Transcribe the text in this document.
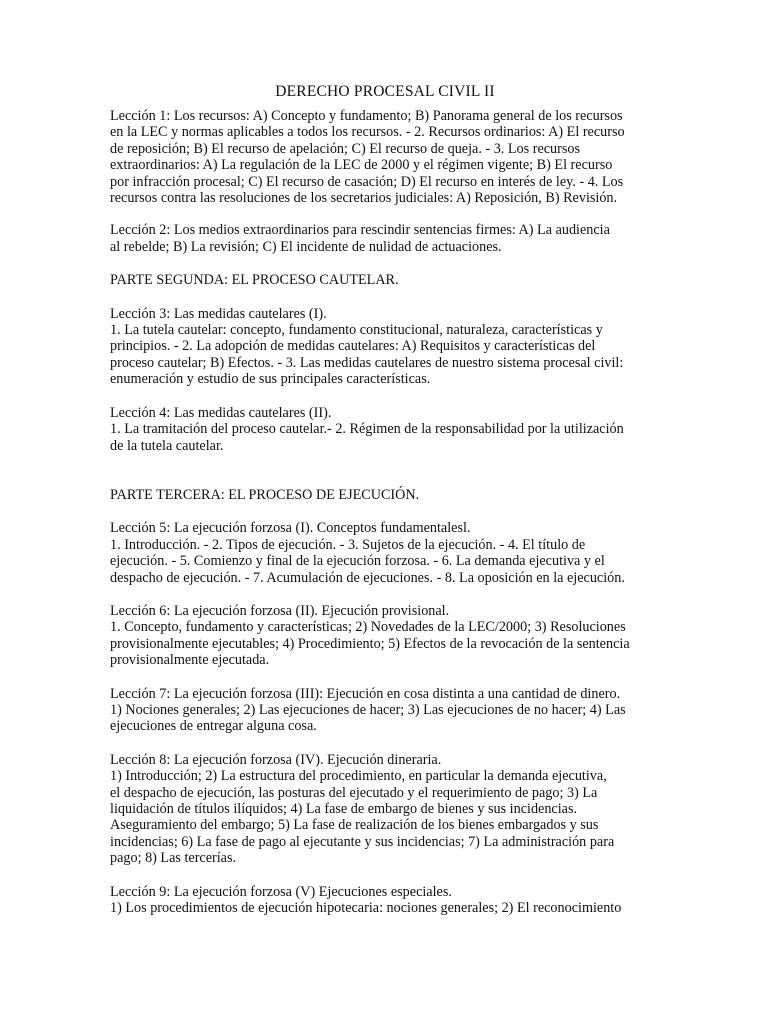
DERECHO PROCESAL CIVIL II
Lección 1: Los recursos: A) Concepto y fundamento; B) Panorama general de los recursos
en la LEC y normas aplicables a todos los recursos. - 2. Recursos ordinarios: A) El recurso
de reposición; B) El recurso de apelación; C) El recurso de queja. - 3. Los recursos
extraordinarios: A) La regulación de la LEC de 2000 y el régimen vigente; B) El recurso
por infracción procesal; C) El recurso de casación; D) El recurso en interés de ley. - 4. Los
recursos contra las resoluciones de los secretarios judiciales: A) Reposición, B) Revisión.
Lección 2: Los medios extraordinarios para rescindir sentencias firmes: A) La audiencia
al rebelde; B) La revisión; C) El incidente de nulidad de actuaciones.
PARTE SEGUNDA: EL PROCESO CAUTELAR.
Lección 3: Las medidas cautelares (I).
1. La tutela cautelar: concepto, fundamento constitucional, naturaleza, características y
principios. - 2. La adopción de medidas cautelares: A) Requisitos y características del
proceso cautelar; B) Efectos. - 3. Las medidas cautelares de nuestro sistema procesal civil:
enumeración y estudio de sus principales características.
Lección 4: Las medidas cautelares (II).
1. La tramitación del proceso cautelar.- 2. Régimen de la responsabilidad por la utilización
de la tutela cautelar.
PARTE TERCERA: EL PROCESO DE EJECUCIÓN.
Lección 5: La ejecución forzosa (I). Conceptos fundamentalesl.
1. Introducción. - 2. Tipos de ejecución. - 3. Sujetos de la ejecución. - 4. El título de
ejecución. - 5. Comienzo y final de la ejecución forzosa. - 6. La demanda ejecutiva y el
despacho de ejecución. - 7. Acumulación de ejecuciones. - 8. La oposición en la ejecución.
Lección 6: La ejecución forzosa (II). Ejecución provisional.
1. Concepto, fundamento y características; 2) Novedades de la LEC/2000; 3) Resoluciones
provisionalmente ejecutables; 4) Procedimiento; 5) Efectos de la revocación de la sentencia
provisionalmente ejecutada.
Lección 7: La ejecución forzosa (III): Ejecución en cosa distinta a una cantidad de dinero.
1) Nociones generales; 2) Las ejecuciones de hacer; 3) Las ejecuciones de no hacer; 4) Las
ejecuciones de entregar alguna cosa.
Lección 8: La ejecución forzosa (IV). Ejecución dineraria.
1) Introducción; 2) La estructura del procedimiento, en particular la demanda ejecutiva,
el despacho de ejecución, las posturas del ejecutado y el requerimiento de pago; 3) La
liquidación de títulos ilíquidos; 4) La fase de embargo de bienes y sus incidencias.
Aseguramiento del embargo; 5) La fase de realización de los bienes embargados y sus
incidencias; 6) La fase de pago al ejecutante y sus incidencias; 7) La administración para
pago; 8) Las tercerías.
Lección 9: La ejecución forzosa (V) Ejecuciones especiales.
1) Los procedimientos de ejecución hipotecaria: nociones generales; 2) El reconocimiento
